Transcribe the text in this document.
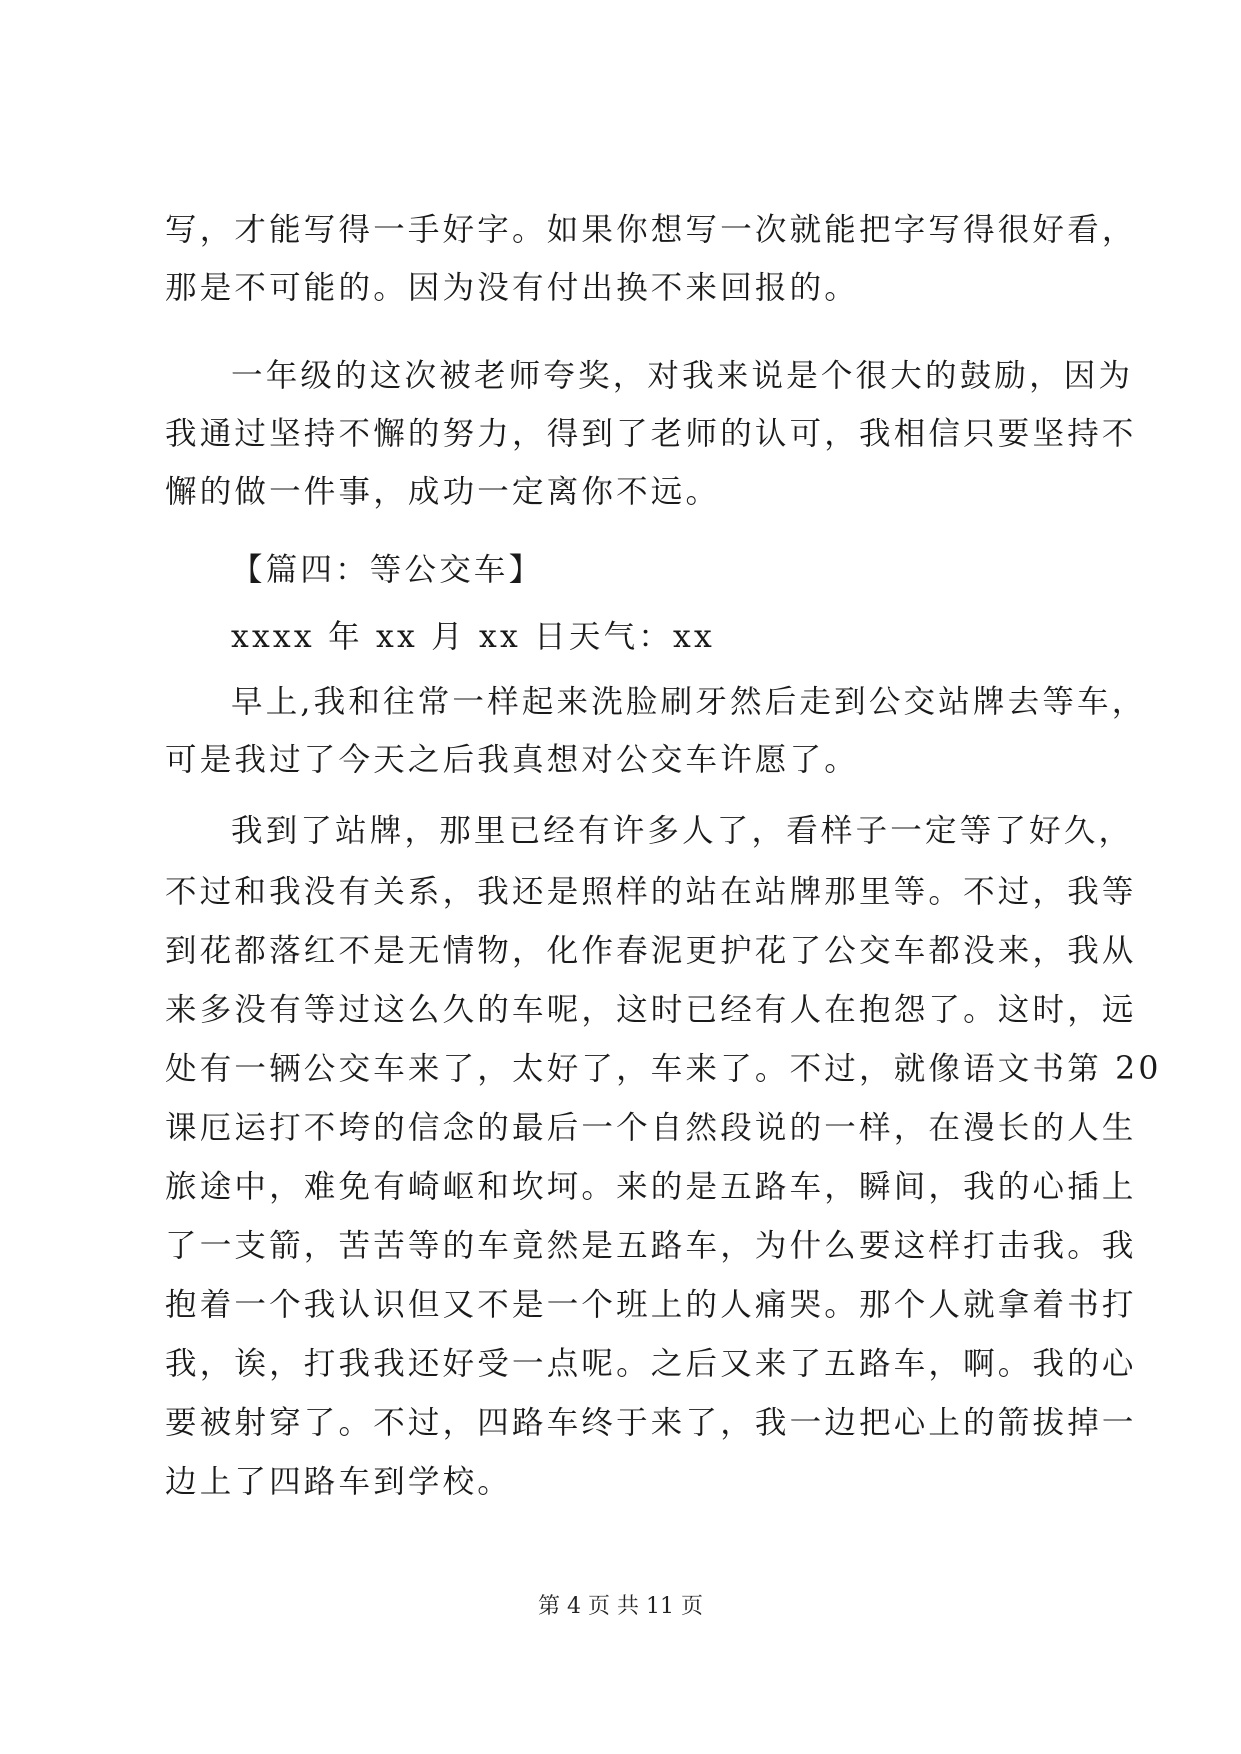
写，才能写得一手好字。如果你想写一次就能把字写得很好看，
那是不可能的。因为没有付出换不来回报的。
一年级的这次被老师夸奖，对我来说是个很大的鼓励，因为
我通过坚持不懈的努力，得到了老师的认可，我相信只要坚持不
懈的做一件事，成功一定离你不远。
【篇四：等公交车】
xxxx 年 xx 月 xx 日天气：xx
早上,我和往常一样起来洗脸刷牙然后走到公交站牌去等车，
可是我过了今天之后我真想对公交车许愿了。
我到了站牌，那里已经有许多人了，看样子一定等了好久，
不过和我没有关系，我还是照样的站在站牌那里等。不过，我等
到花都落红不是无情物，化作春泥更护花了公交车都没来，我从
来多没有等过这么久的车呢，这时已经有人在抱怨了。这时，远
处有一辆公交车来了，太好了，车来了。不过，就像语文书第 20
课厄运打不垮的信念的最后一个自然段说的一样，在漫长的人生
旅途中，难免有崎岖和坎坷。来的是五路车，瞬间，我的心插上
了一支箭，苦苦等的车竟然是五路车，为什么要这样打击我。我
抱着一个我认识但又不是一个班上的人痛哭。那个人就拿着书打
我，诶，打我我还好受一点呢。之后又来了五路车，啊。我的心
要被射穿了。不过，四路车终于来了，我一边把心上的箭拔掉一
边上了四路车到学校。
第 4 页 共 11 页
